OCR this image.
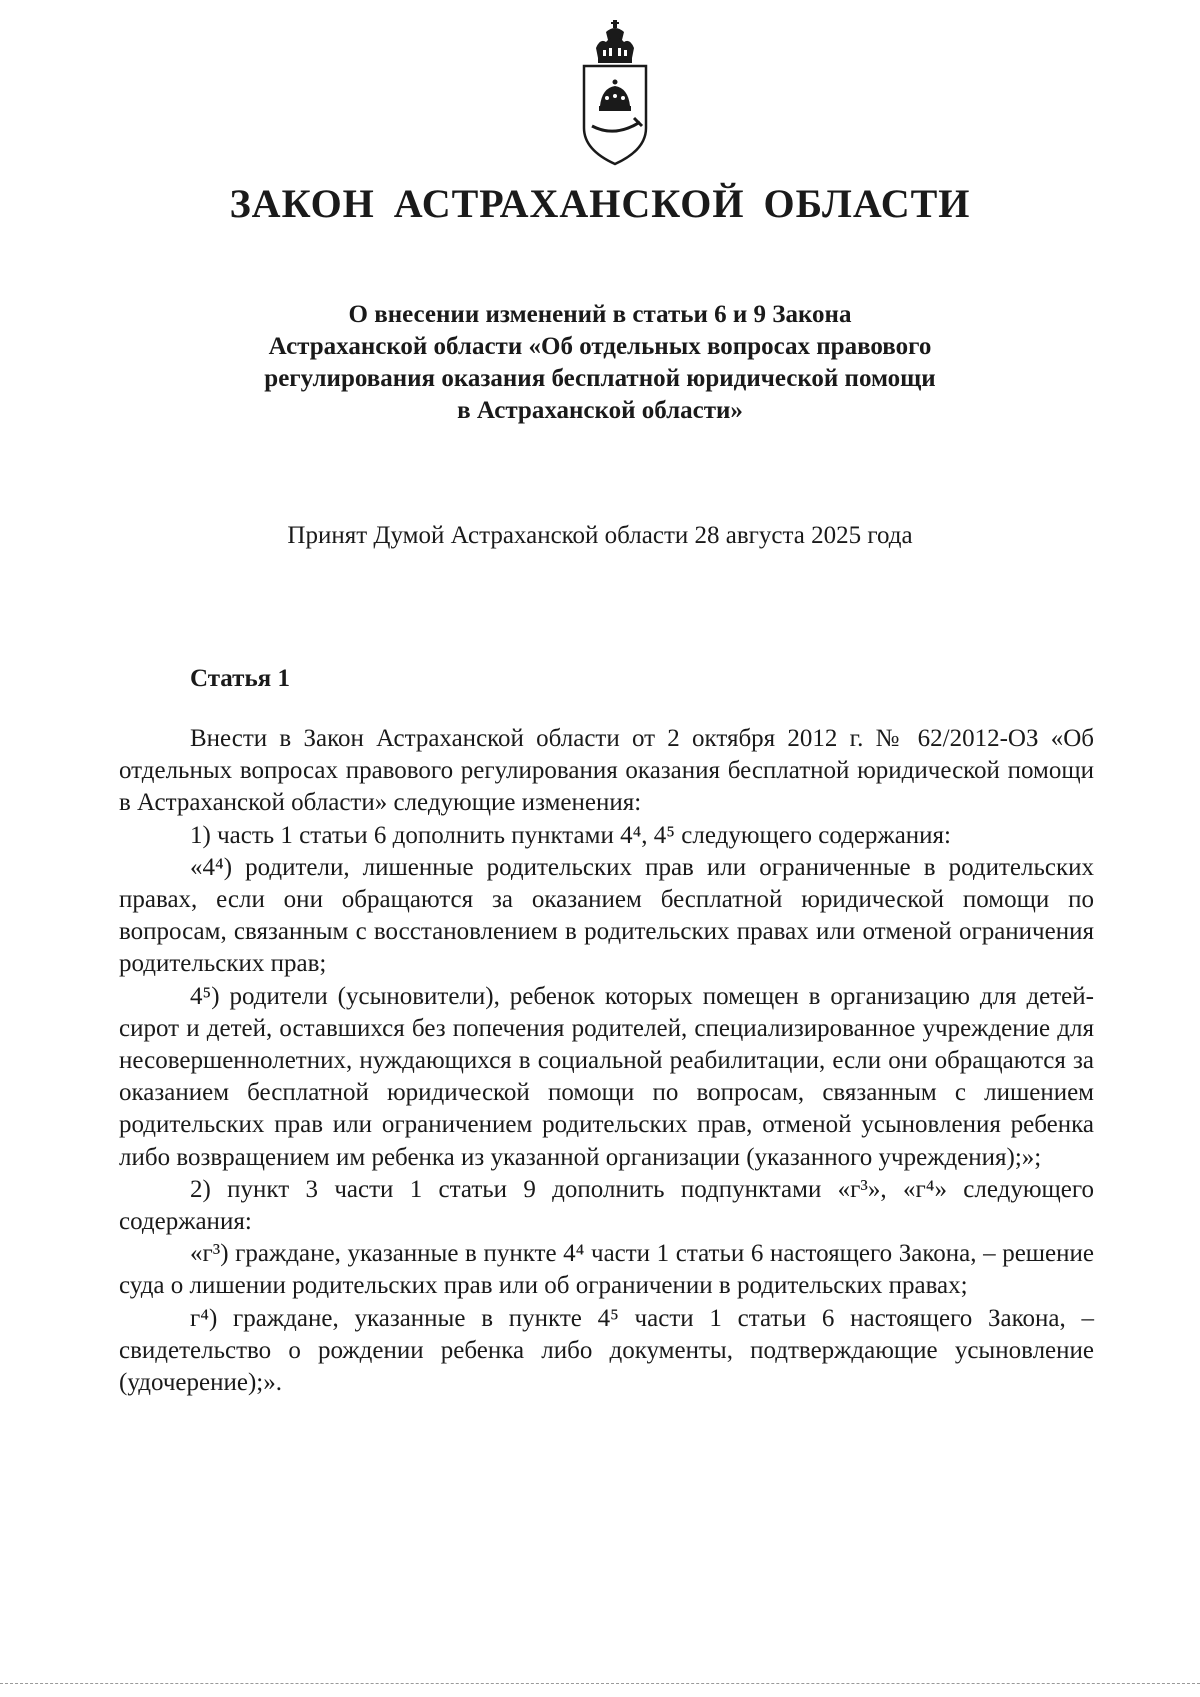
ЗАКОН АСТРАХАНСКОЙ ОБЛАСТИ
О внесении изменений в статьи 6 и 9 Закона
Астраханской области «Об отдельных вопросах правового
регулирования оказания бесплатной юридической помощи
в Астраханской области»
Принят Думой Астраханской области 28 августа 2025 года
Статья 1

Внести в Закон Астраханской области от 2 октября 2012 г. № 62/2012-ОЗ «Об отдельных вопросах правового регулирования оказания бесплатной юридической помощи в Астраханской области» следующие изменения:

1) часть 1 статьи 6 дополнить пунктами 4⁴, 4⁵ следующего содержания:

«4⁴) родители, лишенные родительских прав или ограниченные в родительских правах, если они обращаются за оказанием бесплатной юридической помощи по вопросам, связанным с восстановлением в родительских правах или отменой ограничения родительских прав;

4⁵) родители (усыновители), ребенок которых помещен в организацию для детей-сирот и детей, оставшихся без попечения родителей, специализированное учреждение для несовершеннолетних, нуждающихся в социальной реабилитации, если они обращаются за оказанием бесплатной юридической помощи по вопросам, связанным с лишением родительских прав или ограничением родительских прав, отменой усыновления ребенка либо возвращением им ребенка из указанной организации (указанного учреждения);»;

2) пункт 3 части 1 статьи 9 дополнить подпунктами «г³», «г⁴» следующего содержания:

«г³) граждане, указанные в пункте 4⁴ части 1 статьи 6 настоящего Закона, – решение суда о лишении родительских прав или об ограничении в родительских правах;

г⁴) граждане, указанные в пункте 4⁵ части 1 статьи 6 настоящего Закона, – свидетельство о рождении ребенка либо документы, подтверждающие усыновление (удочерение);».
